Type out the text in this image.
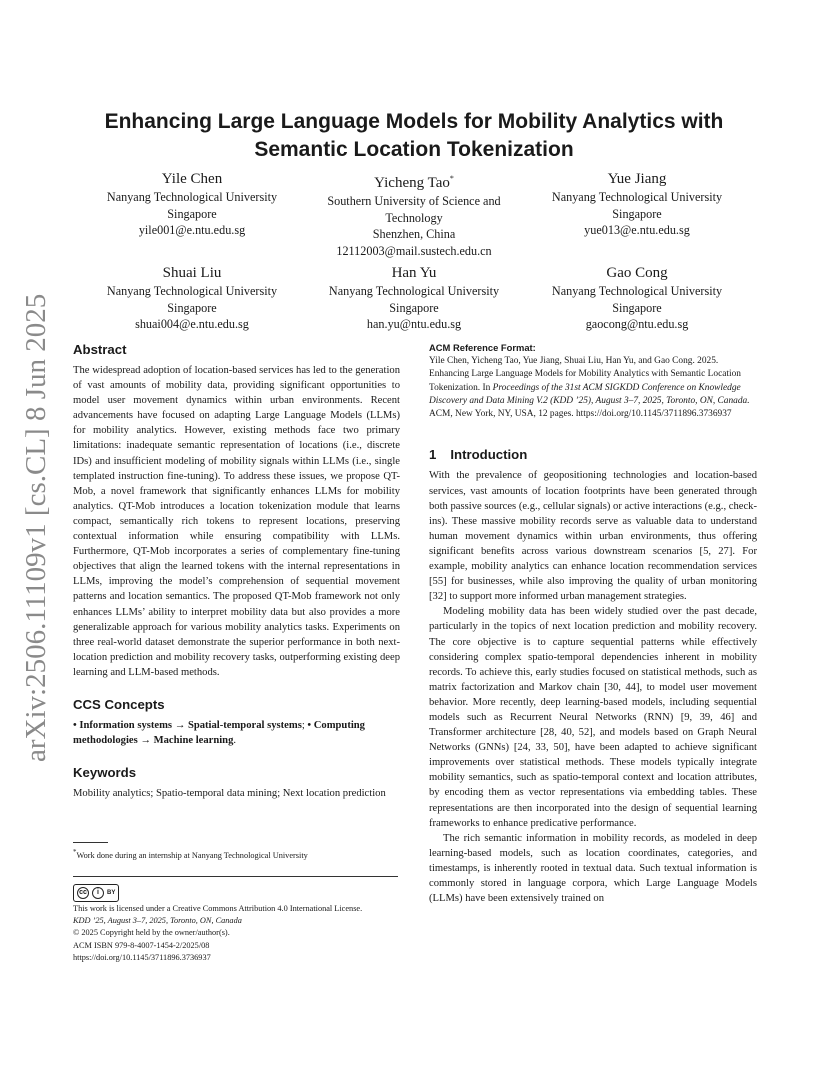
arXiv:2506.11109v1 [cs.CL] 8 Jun 2025
Enhancing Large Language Models for Mobility Analytics with
Semantic Location Tokenization
Yile Chen
Nanyang Technological University
Singapore
yile001@e.ntu.edu.sg
Yicheng Tao*
Southern University of Science and
Technology
Shenzhen, China
12112003@mail.sustech.edu.cn
Yue Jiang
Nanyang Technological University
Singapore
yue013@e.ntu.edu.sg
Shuai Liu
Nanyang Technological University
Singapore
shuai004@e.ntu.edu.sg
Han Yu
Nanyang Technological University
Singapore
han.yu@ntu.edu.sg
Gao Cong
Nanyang Technological University
Singapore
gaocong@ntu.edu.sg
Abstract

The widespread adoption of location-based services has led to the generation of vast amounts of mobility data, providing significant opportunities to model user movement dynamics within urban environments. Recent advancements have focused on adapting Large Language Models (LLMs) for mobility analytics. However, existing methods face two primary limitations: inadequate semantic representation of locations (i.e., discrete IDs) and insufficient modeling of mobility signals within LLMs (i.e., single templated instruction fine-tuning). To address these issues, we propose QT-Mob, a novel framework that significantly enhances LLMs for mobility analytics. QT-Mob introduces a location tokenization module that learns compact, semantically rich tokens to represent locations, preserving contextual information while ensuring compatibility with LLMs. Furthermore, QT-Mob incorporates a series of complementary fine-tuning objectives that align the learned tokens with the internal representations in LLMs, improving the model’s comprehension of sequential movement patterns and location semantics. The proposed QT-Mob framework not only enhances LLMs’ ability to interpret mobility data but also provides a more generalizable approach for various mobility analytics tasks. Experiments on three real-world dataset demonstrate the superior performance in both next-location prediction and mobility recovery tasks, outperforming existing deep learning and LLM-based methods.

CCS Concepts

• Information systems → Spatial-temporal systems; • Computing methodologies → Machine learning.

Keywords

Mobility analytics; Spatio-temporal data mining; Next location prediction

*Work done during an internship at Nanyang Technological University
cc	i	BY
This work is licensed under a Creative Commons Attribution 4.0 International License.
KDD ’25, August 3–7, 2025, Toronto, ON, Canada
© 2025 Copyright held by the owner/author(s).
ACM ISBN 979-8-4007-1454-2/2025/08
https://doi.org/10.1145/3711896.3736937
ACM Reference Format:

Yile Chen, Yicheng Tao, Yue Jiang, Shuai Liu, Han Yu, and Gao Cong. 2025. Enhancing Large Language Models for Mobility Analytics with Semantic Location Tokenization. In Proceedings of the 31st ACM SIGKDD Conference on Knowledge Discovery and Data Mining V.2 (KDD ’25), August 3–7, 2025, Toronto, ON, Canada. ACM, New York, NY, USA, 12 pages. https://doi.org/10.1145/3711896.3736937

1 Introduction

With the prevalence of geopositioning technologies and location-based services, vast amounts of location footprints have been generated through both passive sources (e.g., cellular signals) or active interactions (e.g., check-ins). These massive mobility records serve as valuable data to understand human movement dynamics within urban environments, thus offering significant benefits across various downstream scenarios [5, 27]. For example, mobility analytics can enhance location recommendation services [55] for businesses, while also improving the quality of urban monitoring [32] to support more informed urban management strategies.

Modeling mobility data has been widely studied over the past decade, particularly in the topics of next location prediction and mobility recovery. The core objective is to capture sequential patterns while effectively considering complex spatio-temporal dependencies inherent in mobility records. To achieve this, early studies focused on statistical methods, such as matrix factorization and Markov chain [30, 44], to model user movement behavior. More recently, deep learning-based models, including sequential models such as Recurrent Neural Networks (RNN) [9, 39, 46] and Transformer architecture [28, 40, 52], and models based on Graph Neural Networks (GNNs) [24, 33, 50], have been adapted to achieve significant improvements over statistical methods. These models typically integrate mobility semantics, such as spatio-temporal context and location attributes, by encoding them as vector representations via embedding tables. These representations are then incorporated into the design of sequential learning frameworks to enhance predicative performance.

The rich semantic information in mobility records, as modeled in deep learning-based models, such as location coordinates, categories, and timestamps, is inherently rooted in textual data. Such textual information is commonly stored in language corpora, which Large Language Models (LLMs) have been extensively trained on
